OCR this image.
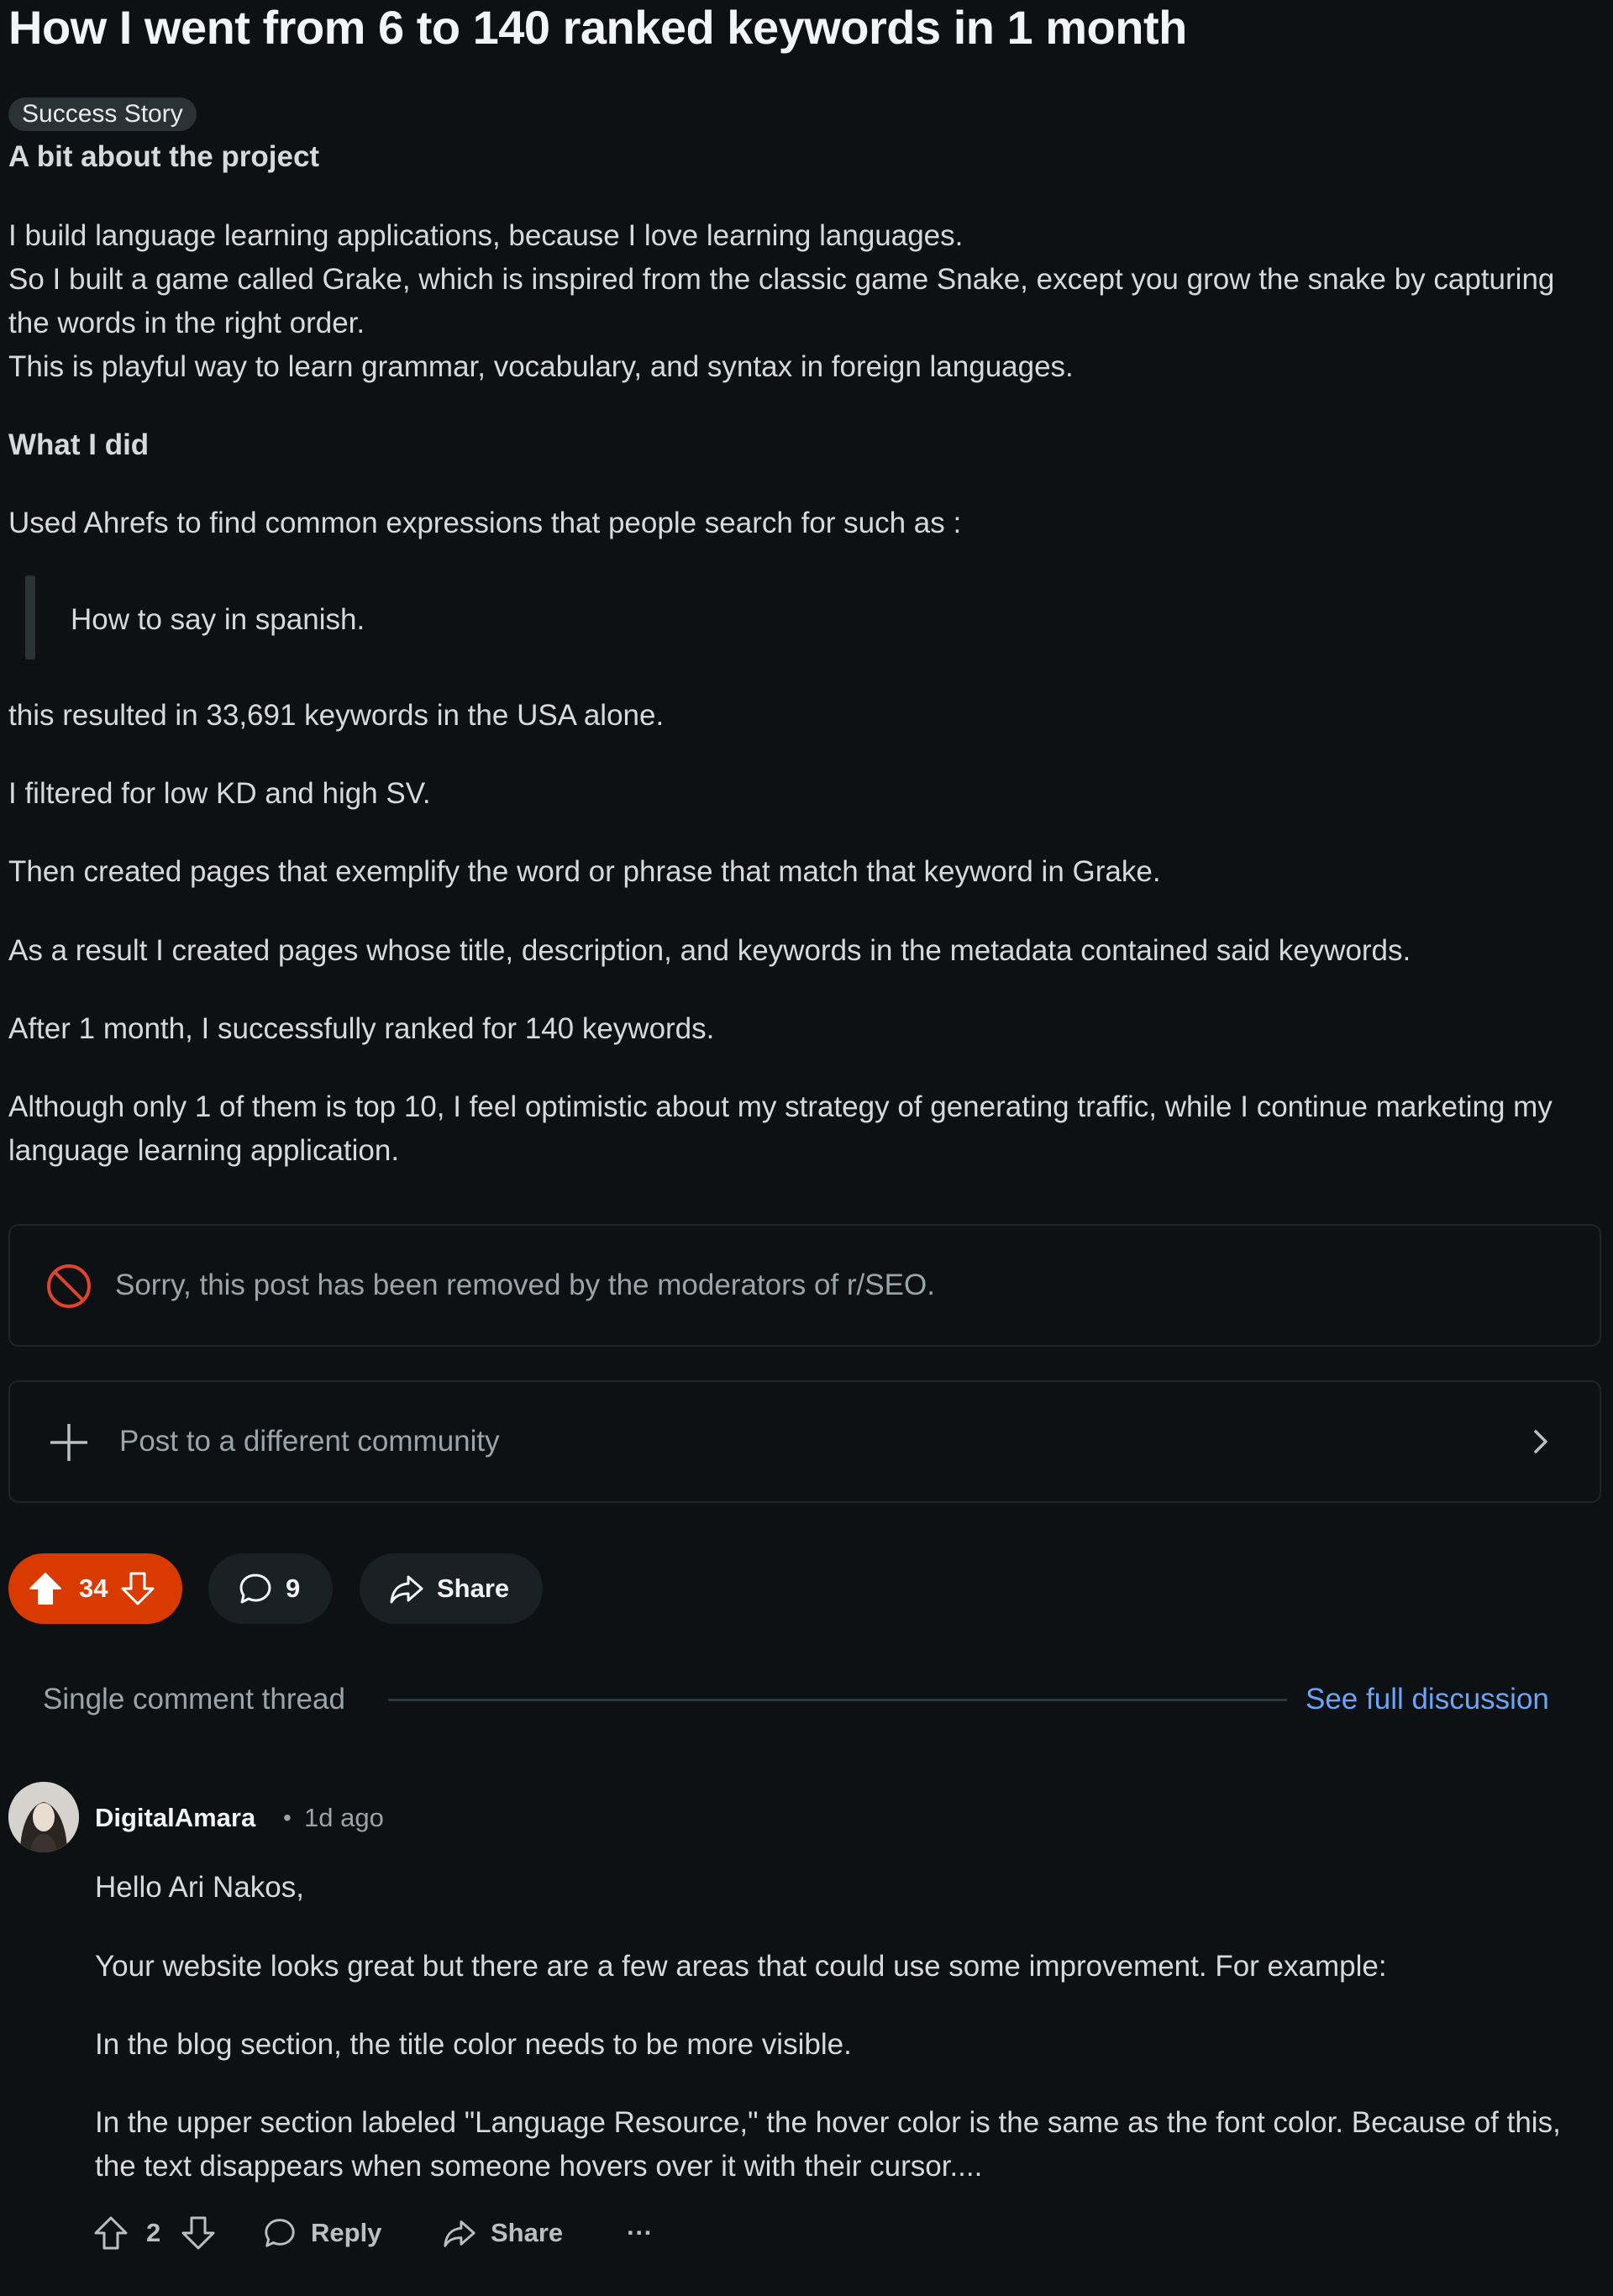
How I went from 6 to 140 ranked keywords in 1 month
Success Story
A bit about the project
I build language learning applications, because I love learning languages.
So I built a game called Grake, which is inspired from the classic game Snake, except you grow the snake by capturing the words in the right order.
This is playful way to learn grammar, vocabulary, and syntax in foreign languages.
What I did
Used Ahrefs to find common expressions that people search for such as :
How to say in spanish.
this resulted in 33,691 keywords in the USA alone.
I filtered for low KD and high SV.
Then created pages that exemplify the word or phrase that match that keyword in Grake.
As a result I created pages whose title, description, and keywords in the metadata contained said keywords.
After 1 month, I successfully ranked for 140 keywords.
Although only 1 of them is top 10, I feel optimistic about my strategy of generating traffic, while I continue marketing my language learning application.
Sorry, this post has been removed by the moderators of r/SEO.
Post to a different community
34	9	Share
Single comment thread	See full discussion
DigitalAmara • 1d ago
Hello Ari Nakos,
Your website looks great but there are a few areas that could use some improvement. For example:
In the blog section, the title color needs to be more visible.
In the upper section labeled "Language Resource," the hover color is the same as the font color. Because of this, the text disappears when someone hovers over it with their cursor....
2	Reply	Share ···
